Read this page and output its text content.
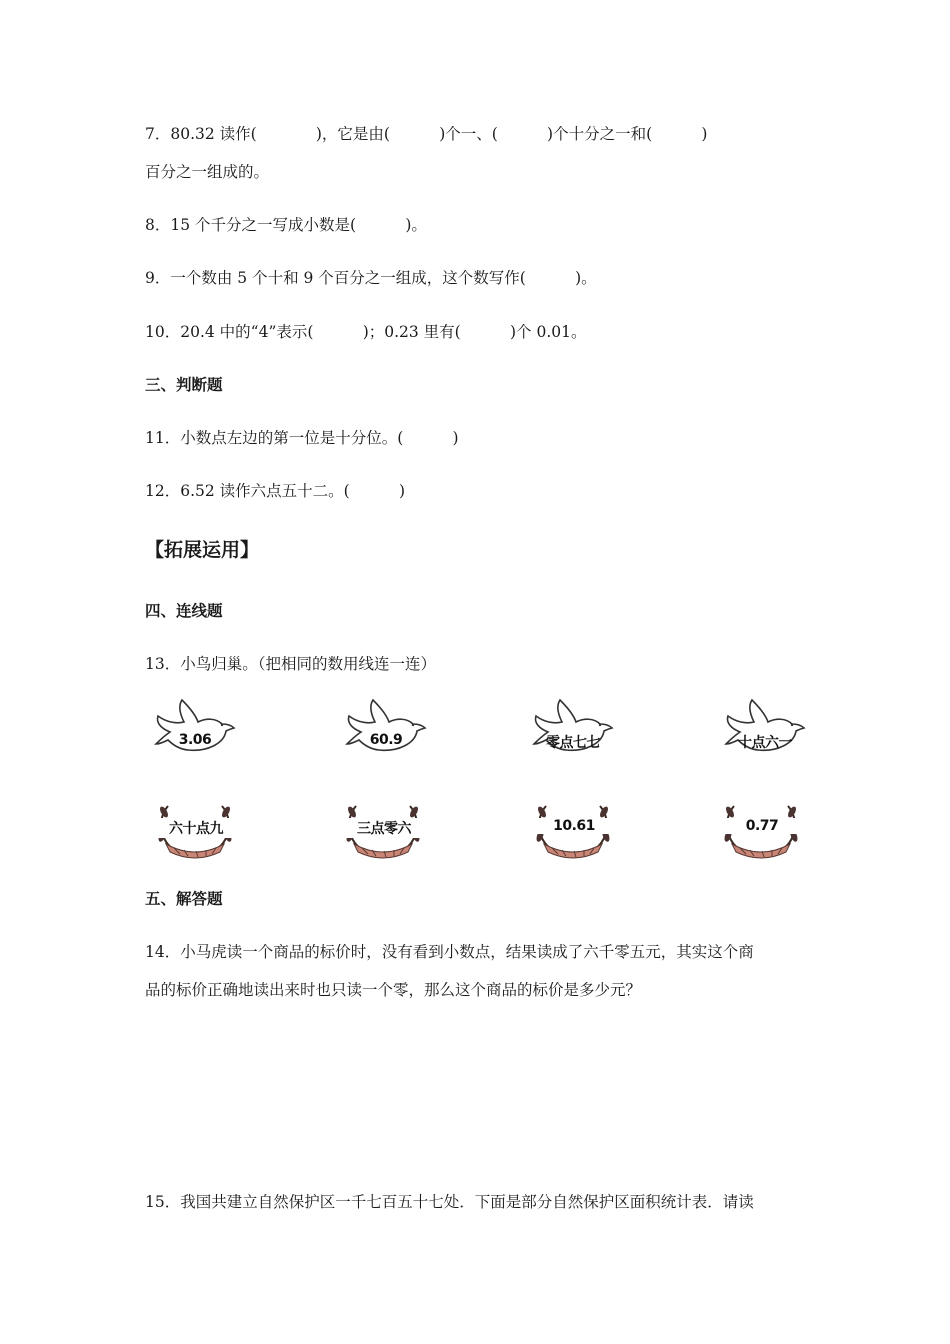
7．80.32 读作(            )，它是由(          )个一、(          )个十分之一和(          )
百分之一组成的。
8．15 个千分之一写成小数是(          )。
9．一个数由 5 个十和 9 个百分之一组成，这个数写作(          )。
10．20.4 中的“4”表示(          )；0.23 里有(          )个 0.01。
三、判断题
11．小数点左边的第一位是十分位。(          )
12．6.52 读作六点五十二。(          )
【拓展运用】
四、连线题
13．小鸟归巢。（把相同的数用线连一连）
3.06	60.9	零点七七	十点六一
六十点九	三点零六	10.61	0.77
五、解答题
14．小马虎读一个商品的标价时，没有看到小数点，结果读成了六千零五元，其实这个商
品的标价正确地读出来时也只读一个零，那么这个商品的标价是多少元？
15．我国共建立自然保护区一千七百五十七处．下面是部分自然保护区面积统计表．请读
